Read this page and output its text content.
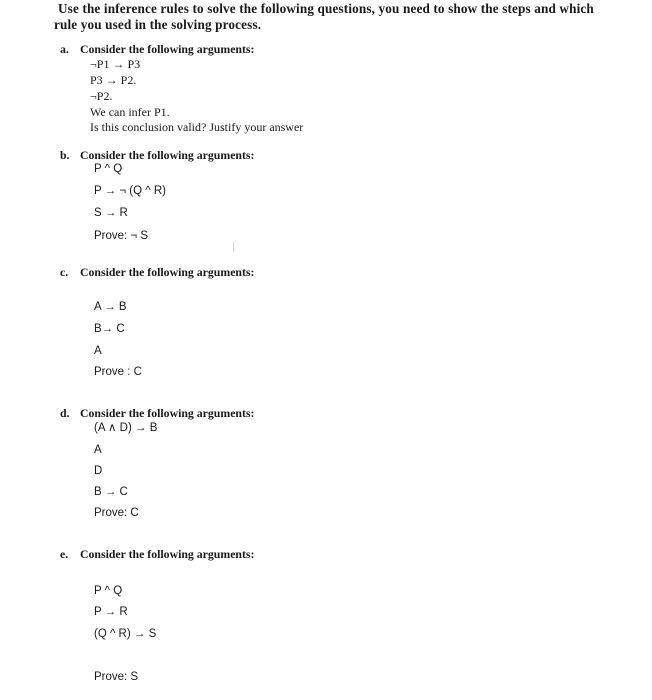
Use the inference rules to solve the following questions, you need to show the steps and which
rule you used in the solving process.
a. Consider the following arguments:
¬P1 → P3
P3 → P2.
¬P2.
We can infer P1.
Is this conclusion valid? Justify your answer
b. Consider the following arguments:
P ^ Q
P → ¬ (Q ^ R)
S → R
Prove: ¬ S
c. Consider the following arguments:
A → B
B→ C
A
Prove : C
d. Consider the following arguments:
(A ∧ D) → B
A
D
B → C
Prove: C
e. Consider the following arguments:
P ^ Q
P → R
(Q ^ R) → S
Prove: S
